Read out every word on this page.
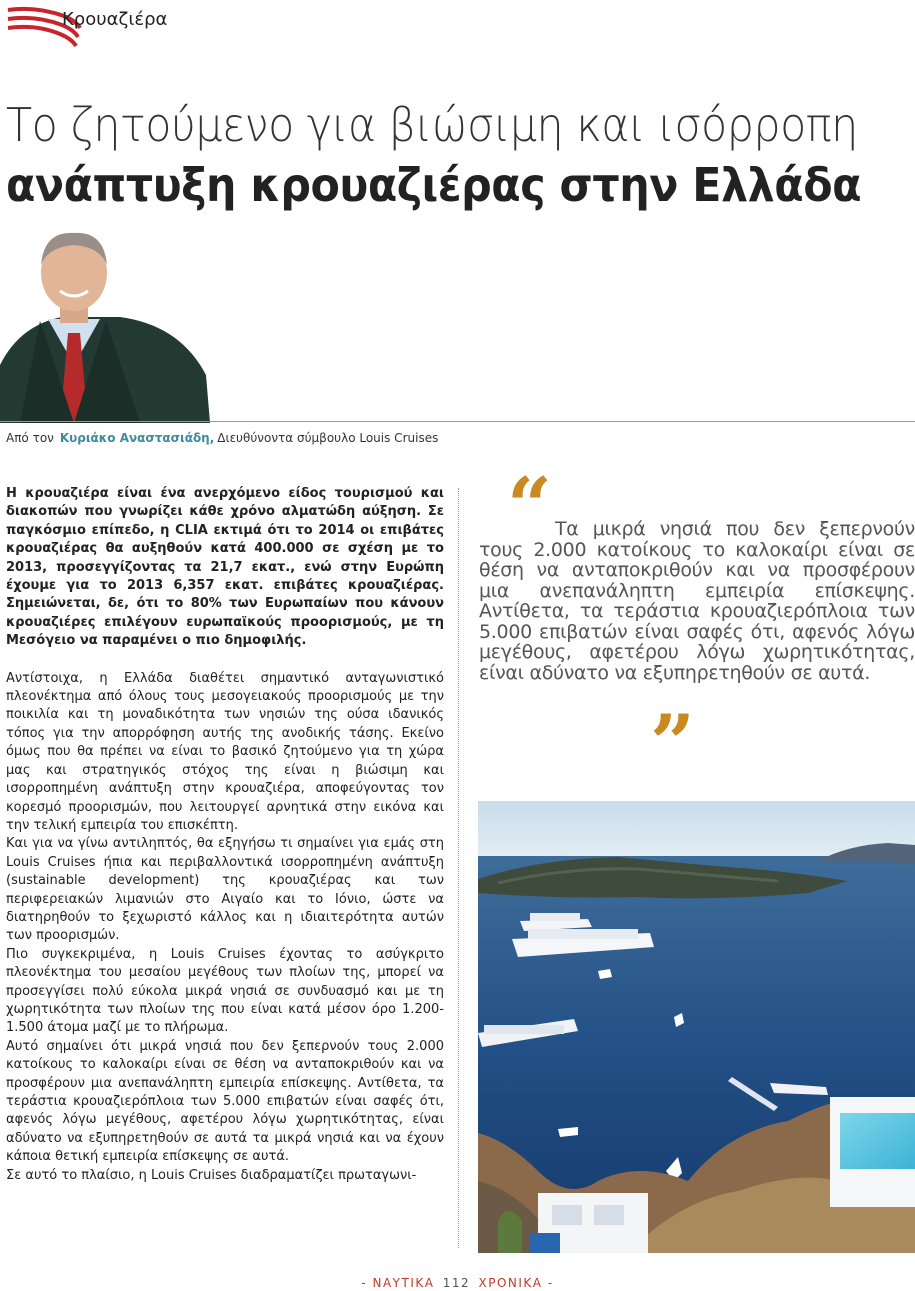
Κρουαζιέρα
Το ζητούμενο για βιώσιμη και ισόρροπη
ανάπτυξη κρουαζιέρας στην Ελλάδα
Από τον Κυριάκο Αναστασιάδη, Διευθύνοντα σύμβουλο Louis Cruises

Η κρουαζιέρα είναι ένα ανερχόμενο είδος τουρισμού και διακοπών που γνωρίζει κάθε χρόνο αλματώδη αύξηση. Σε παγκόσμιο επίπεδο, η CLIA εκτιμά ότι το 2014 οι επιβάτες κρουαζιέρας θα αυξηθούν κατά 400.000 σε σχέση με το 2013, προσεγγίζοντας τα 21,7 εκατ., ενώ στην Ευρώπη έχουμε για το 2013 6,357 εκατ. επιβάτες κρουαζιέρας. Σημειώνεται, δε, ότι το 80% των Ευρωπαίων που κάνουν κρουαζιέρες επιλέγουν ευρωπαϊκούς προορισμούς, με τη Μεσόγειο να παραμένει ο πιο δημοφιλής.

Αντίστοιχα, η Ελλάδα διαθέτει σημαντικό ανταγωνιστικό πλεονέκτημα από όλους τους μεσογειακούς προορισμούς με την ποικιλία και τη μοναδικότητα των νησιών της ούσα ιδανικός τόπος για την απορρόφηση αυτής της ανοδικής τάσης. Εκείνο όμως που θα πρέπει να είναι το βασικό ζητούμενο για τη χώρα μας και στρατηγικός στόχος της είναι η βιώσιμη και ισορροπημένη ανάπτυξη στην κρουαζιέρα, αποφεύγοντας τον κορεσμό προορισμών, που λειτουργεί αρνητικά στην εικόνα και την τελική εμπειρία του επισκέπτη.

Και για να γίνω αντιληπτός, θα εξηγήσω τι σημαίνει για εμάς στη Louis Cruises ήπια και περιβαλλοντικά ισορροπημένη ανάπτυξη (sustainable development) της κρουαζιέρας και των περιφερειακών λιμανιών στο Αιγαίο και το Ιόνιο, ώστε να διατηρηθούν το ξεχωριστό κάλλος και η ιδιαιτερότητα αυτών των προορισμών.

Πιο συγκεκριμένα, η Louis Cruises έχοντας το ασύγκριτο πλεονέκτημα του μεσαίου μεγέθους των πλοίων της, μπορεί να προσεγγίσει πολύ εύκολα μικρά νησιά σε συνδυασμό και με τη χωρητικότητα των πλοίων της που είναι κατά μέσον όρο 1.200-1.500 άτομα μαζί με το πλήρωμα.

Αυτό σημαίνει ότι μικρά νησιά που δεν ξεπερνούν τους 2.000 κατοίκους το καλοκαίρι είναι σε θέση να ανταποκριθούν και να προσφέρουν μια ανεπανάληπτη εμπειρία επίσκεψης. Αντίθετα, τα τεράστια κρουαζιερόπλοια των 5.000 επιβατών είναι σαφές ότι, αφενός λόγω μεγέθους, αφετέρου λόγω χωρητικότητας, είναι αδύνατο να εξυπηρετηθούν σε αυτά τα μικρά νησιά και να έχουν κάποια θετική εμπειρία επίσκεψης σε αυτά.

Σε αυτό το πλαίσιο, η Louis Cruises διαδραματίζει πρωταγωνι-

“ Τα μικρά νησιά που δεν ξεπερνούν τους 2.000 κατοίκους το καλοκαίρι είναι σε θέση να ανταποκριθούν και να προσφέρουν μια ανεπανάληπτη εμπειρία επίσκεψης. Αντίθετα, τα τεράστια κρουαζιερόπλοια των 5.000 επιβατών είναι σαφές ότι, αφενός λόγω μεγέθους, αφετέρου λόγω χωρητικότητας, είναι αδύνατο να εξυπηρετηθούν σε αυτά.
”
- ΝΑΥΤΙΚΑ 112 ΧΡΟΝΙΚΑ -
